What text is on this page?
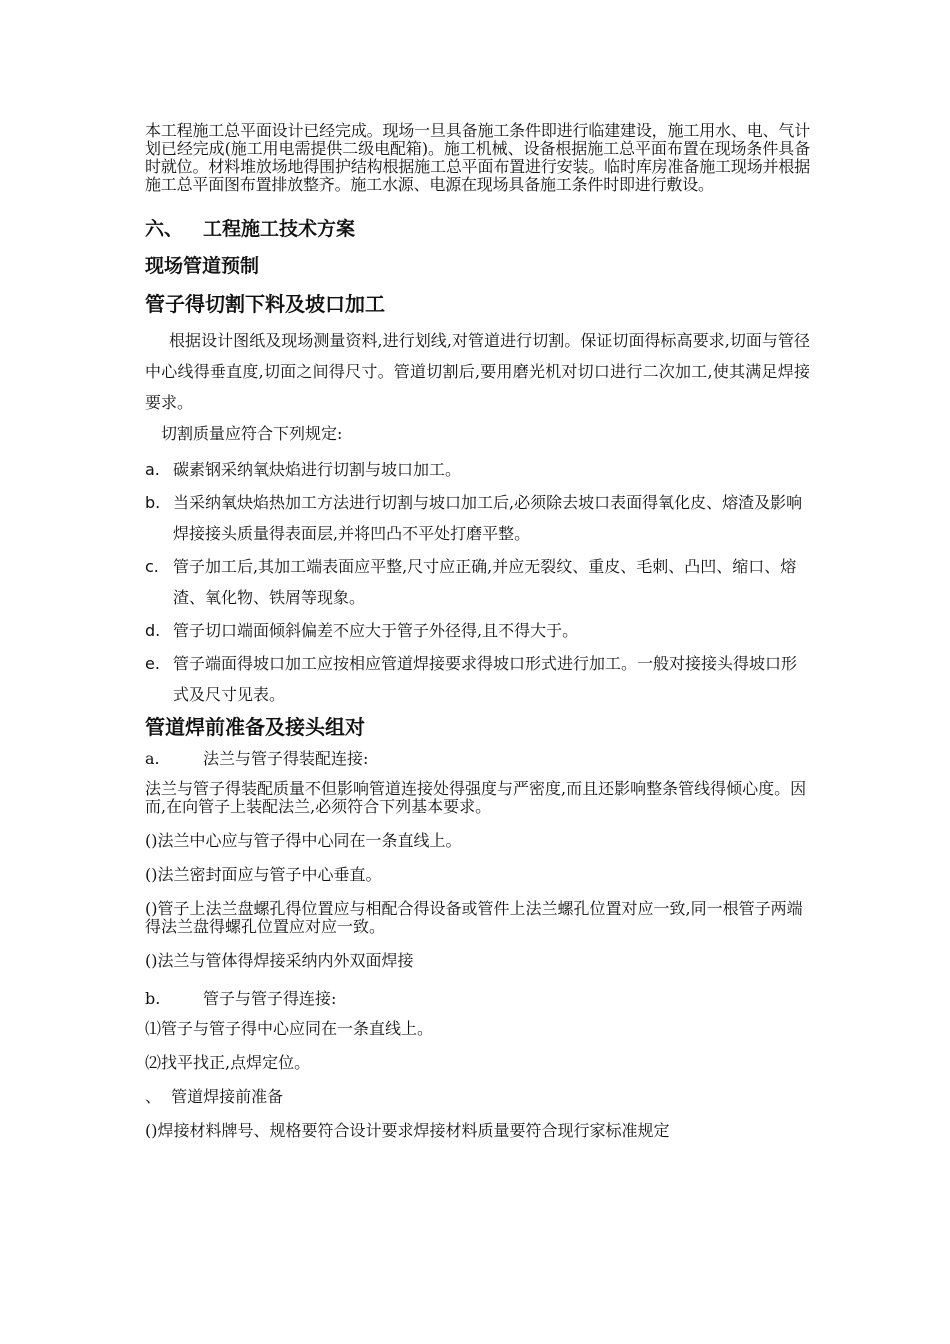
本工程施工总平面设计已经完成。现场一旦具备施工条件即进行临建建设，施工用水、电、气计划已经完成(施工用电需提供二级电配箱)。施工机械、设备根据施工总平面布置在现场条件具备时就位。材料堆放场地得围护结构根据施工总平面布置进行安装。临时库房准备施工现场并根据施工总平面图布置排放整齐。施工水源、电源在现场具备施工条件时即进行敷设。

六、 工程施工技术方案
现场管道预制
管子得切割下料及坡口加工

根据设计图纸及现场测量资料,进行划线,对管道进行切割。保证切面得标高要求,切面与管径中心线得垂直度,切面之间得尺寸。管道切割后,要用磨光机对切口进行二次加工,使其满足焊接要求。

切割质量应符合下列规定:

a. 碳素钢采纳氧炔焰进行切割与坡口加工。
b. 当采纳氧炔焰热加工方法进行切割与坡口加工后,必须除去坡口表面得氧化皮、熔渣及影响焊接接头质量得表面层,并将凹凸不平处打磨平整。
c. 管子加工后,其加工端表面应平整,尺寸应正确,并应无裂纹、重皮、毛刺、凸凹、缩口、熔渣、氧化物、铁屑等现象。
d. 管子切口端面倾斜偏差不应大于管子外径得,且不得大于。
e. 管子端面得坡口加工应按相应管道焊接要求得坡口形式进行加工。一般对接接头得坡口形式及尺寸见表。
管道焊前准备及接头组对

a.	法兰与管子得装配连接:

法兰与管子得装配质量不但影响管道连接处得强度与严密度,而且还影响整条管线得倾心度。因而,在向管子上装配法兰,必须符合下列基本要求。

()法兰中心应与管子得中心同在一条直线上。

()法兰密封面应与管子中心垂直。

()管子上法兰盘螺孔得位置应与相配合得设备或管件上法兰螺孔位置对应一致,同一根管子两端得法兰盘得螺孔位置应对应一致。

()法兰与管体得焊接采纳内外双面焊接

b.	管子与管子得连接:

⑴管子与管子得中心应同在一条直线上。

⑵找平找正,点焊定位。

、  管道焊接前准备

()焊接材料牌号、规格要符合设计要求焊接材料质量要符合现行家标准规定
